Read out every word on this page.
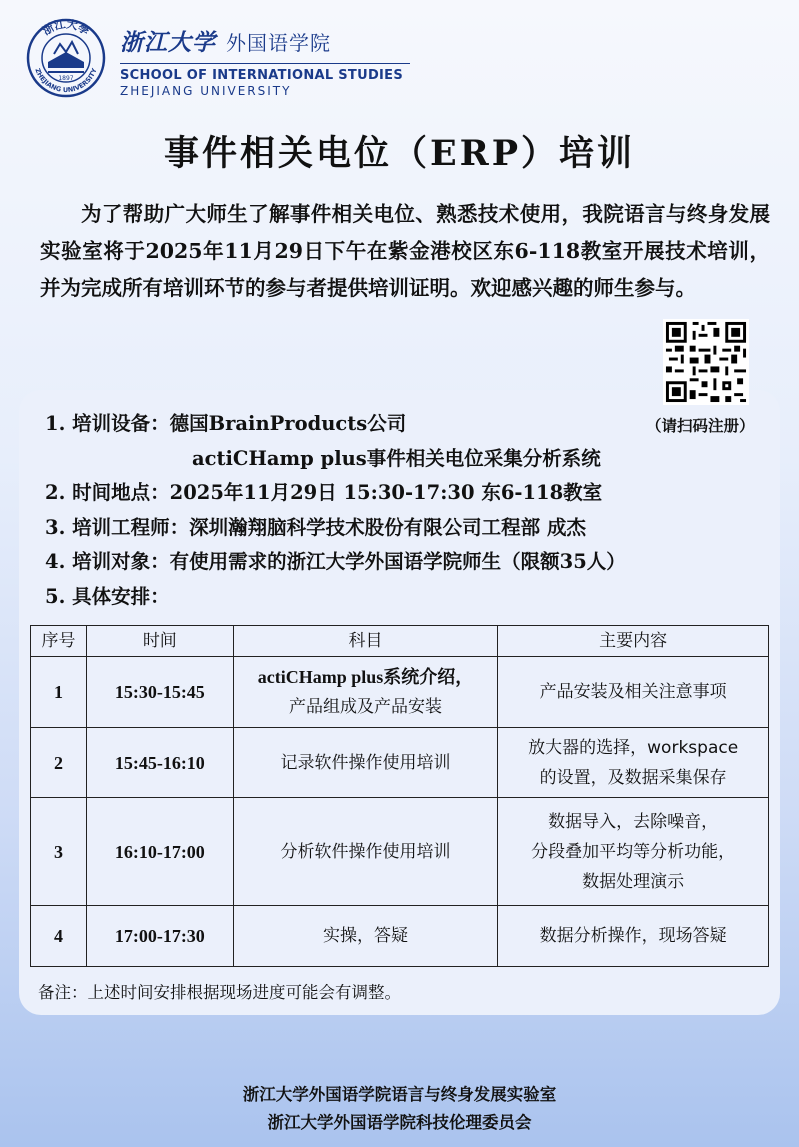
浙江大學
ZHEJIANG UNIVERSITY
1897
浙江大学 外国语学院
SCHOOL OF INTERNATIONAL STUDIES
ZHEJIANG UNIVERSITY
事件相关电位（ERP）培训
为了帮助广大师生了解事件相关电位、熟悉技术使用，我院语言与终身发展实验室将于2025年11月29日下午在紫金港校区东6-118教室开展技术培训，并为完成所有培训环节的参与者提供培训证明。欢迎感兴趣的师生参与。
（请扫码注册）
1. 培训设备：德国BrainProducts公司
actiCHamp plus事件相关电位采集分析系统
2. 时间地点：2025年11月29日 15:30-17:30 东6-118教室
3. 培训工程师：深圳瀚翔脑科学技术股份有限公司工程部 成杰
4. 培训对象：有使用需求的浙江大学外国语学院师生（限额35人）
5. 具体安排：
序号	时间	科目	主要内容
1	15:30-15:45	actiCHamp plus系统介绍，
产品组成及产品安装	产品安装及相关注意事项

2	15:45-16:10	记录软件操作使用培训	放大器的选择，workspace
的设置，及数据采集保存

3	16:10-17:00	分析软件操作使用培训	数据导入，去除噪音，
分段叠加平均等分析功能，
数据处理演示

4	17:00-17:30	实操，答疑	数据分析操作，现场答疑
备注：上述时间安排根据现场进度可能会有调整。
浙江大学外国语学院语言与终身发展实验室
浙江大学外国语学院科技伦理委员会
